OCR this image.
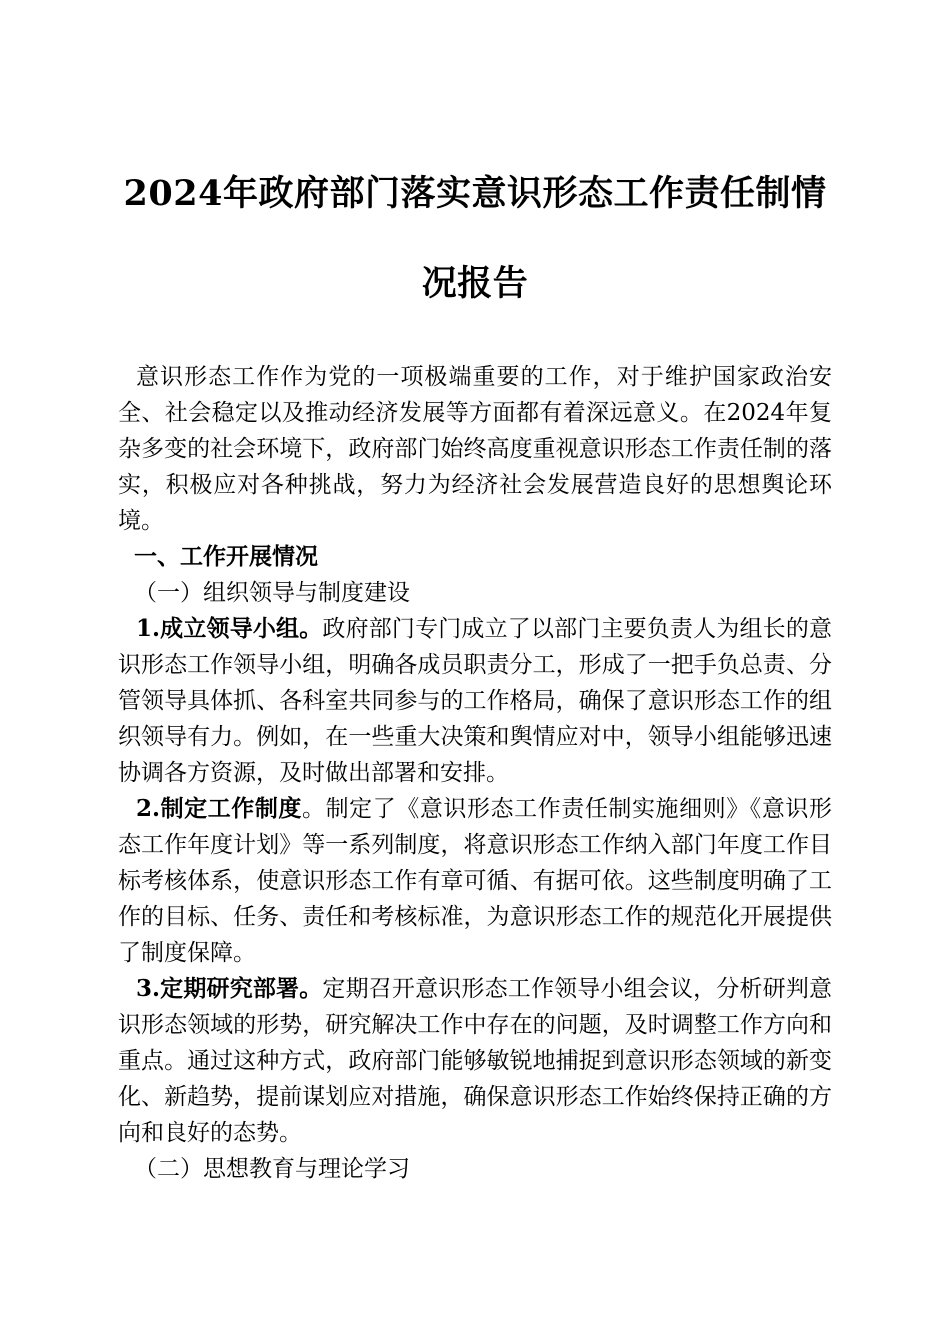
2024年政府部门落实意识形态工作责任制情
况报告

意识形态工作作为党的一项极端重要的工作，对于维护国家政治安全、社会稳定以及推动经济发展等方面都有着深远意义。在2024年复杂多变的社会环境下，政府部门始终高度重视意识形态工作责任制的落实，积极应对各种挑战，努力为经济社会发展营造良好的思想舆论环境。

一、工作开展情况

（一）组织领导与制度建设

1.成立领导小组。政府部门专门成立了以部门主要负责人为组长的意识形态工作领导小组，明确各成员职责分工，形成了一把手负总责、分管领导具体抓、各科室共同参与的工作格局，确保了意识形态工作的组织领导有力。例如，在一些重大决策和舆情应对中，领导小组能够迅速协调各方资源，及时做出部署和安排。

2.制定工作制度。制定了《意识形态工作责任制实施细则》《意识形态工作年度计划》等一系列制度，将意识形态工作纳入部门年度工作目标考核体系，使意识形态工作有章可循、有据可依。这些制度明确了工作的目标、任务、责任和考核标准，为意识形态工作的规范化开展提供了制度保障。

3.定期研究部署。定期召开意识形态工作领导小组会议，分析研判意识形态领域的形势，研究解决工作中存在的问题，及时调整工作方向和重点。通过这种方式，政府部门能够敏锐地捕捉到意识形态领域的新变化、新趋势，提前谋划应对措施，确保意识形态工作始终保持正确的方向和良好的态势。

（二）思想教育与理论学习
